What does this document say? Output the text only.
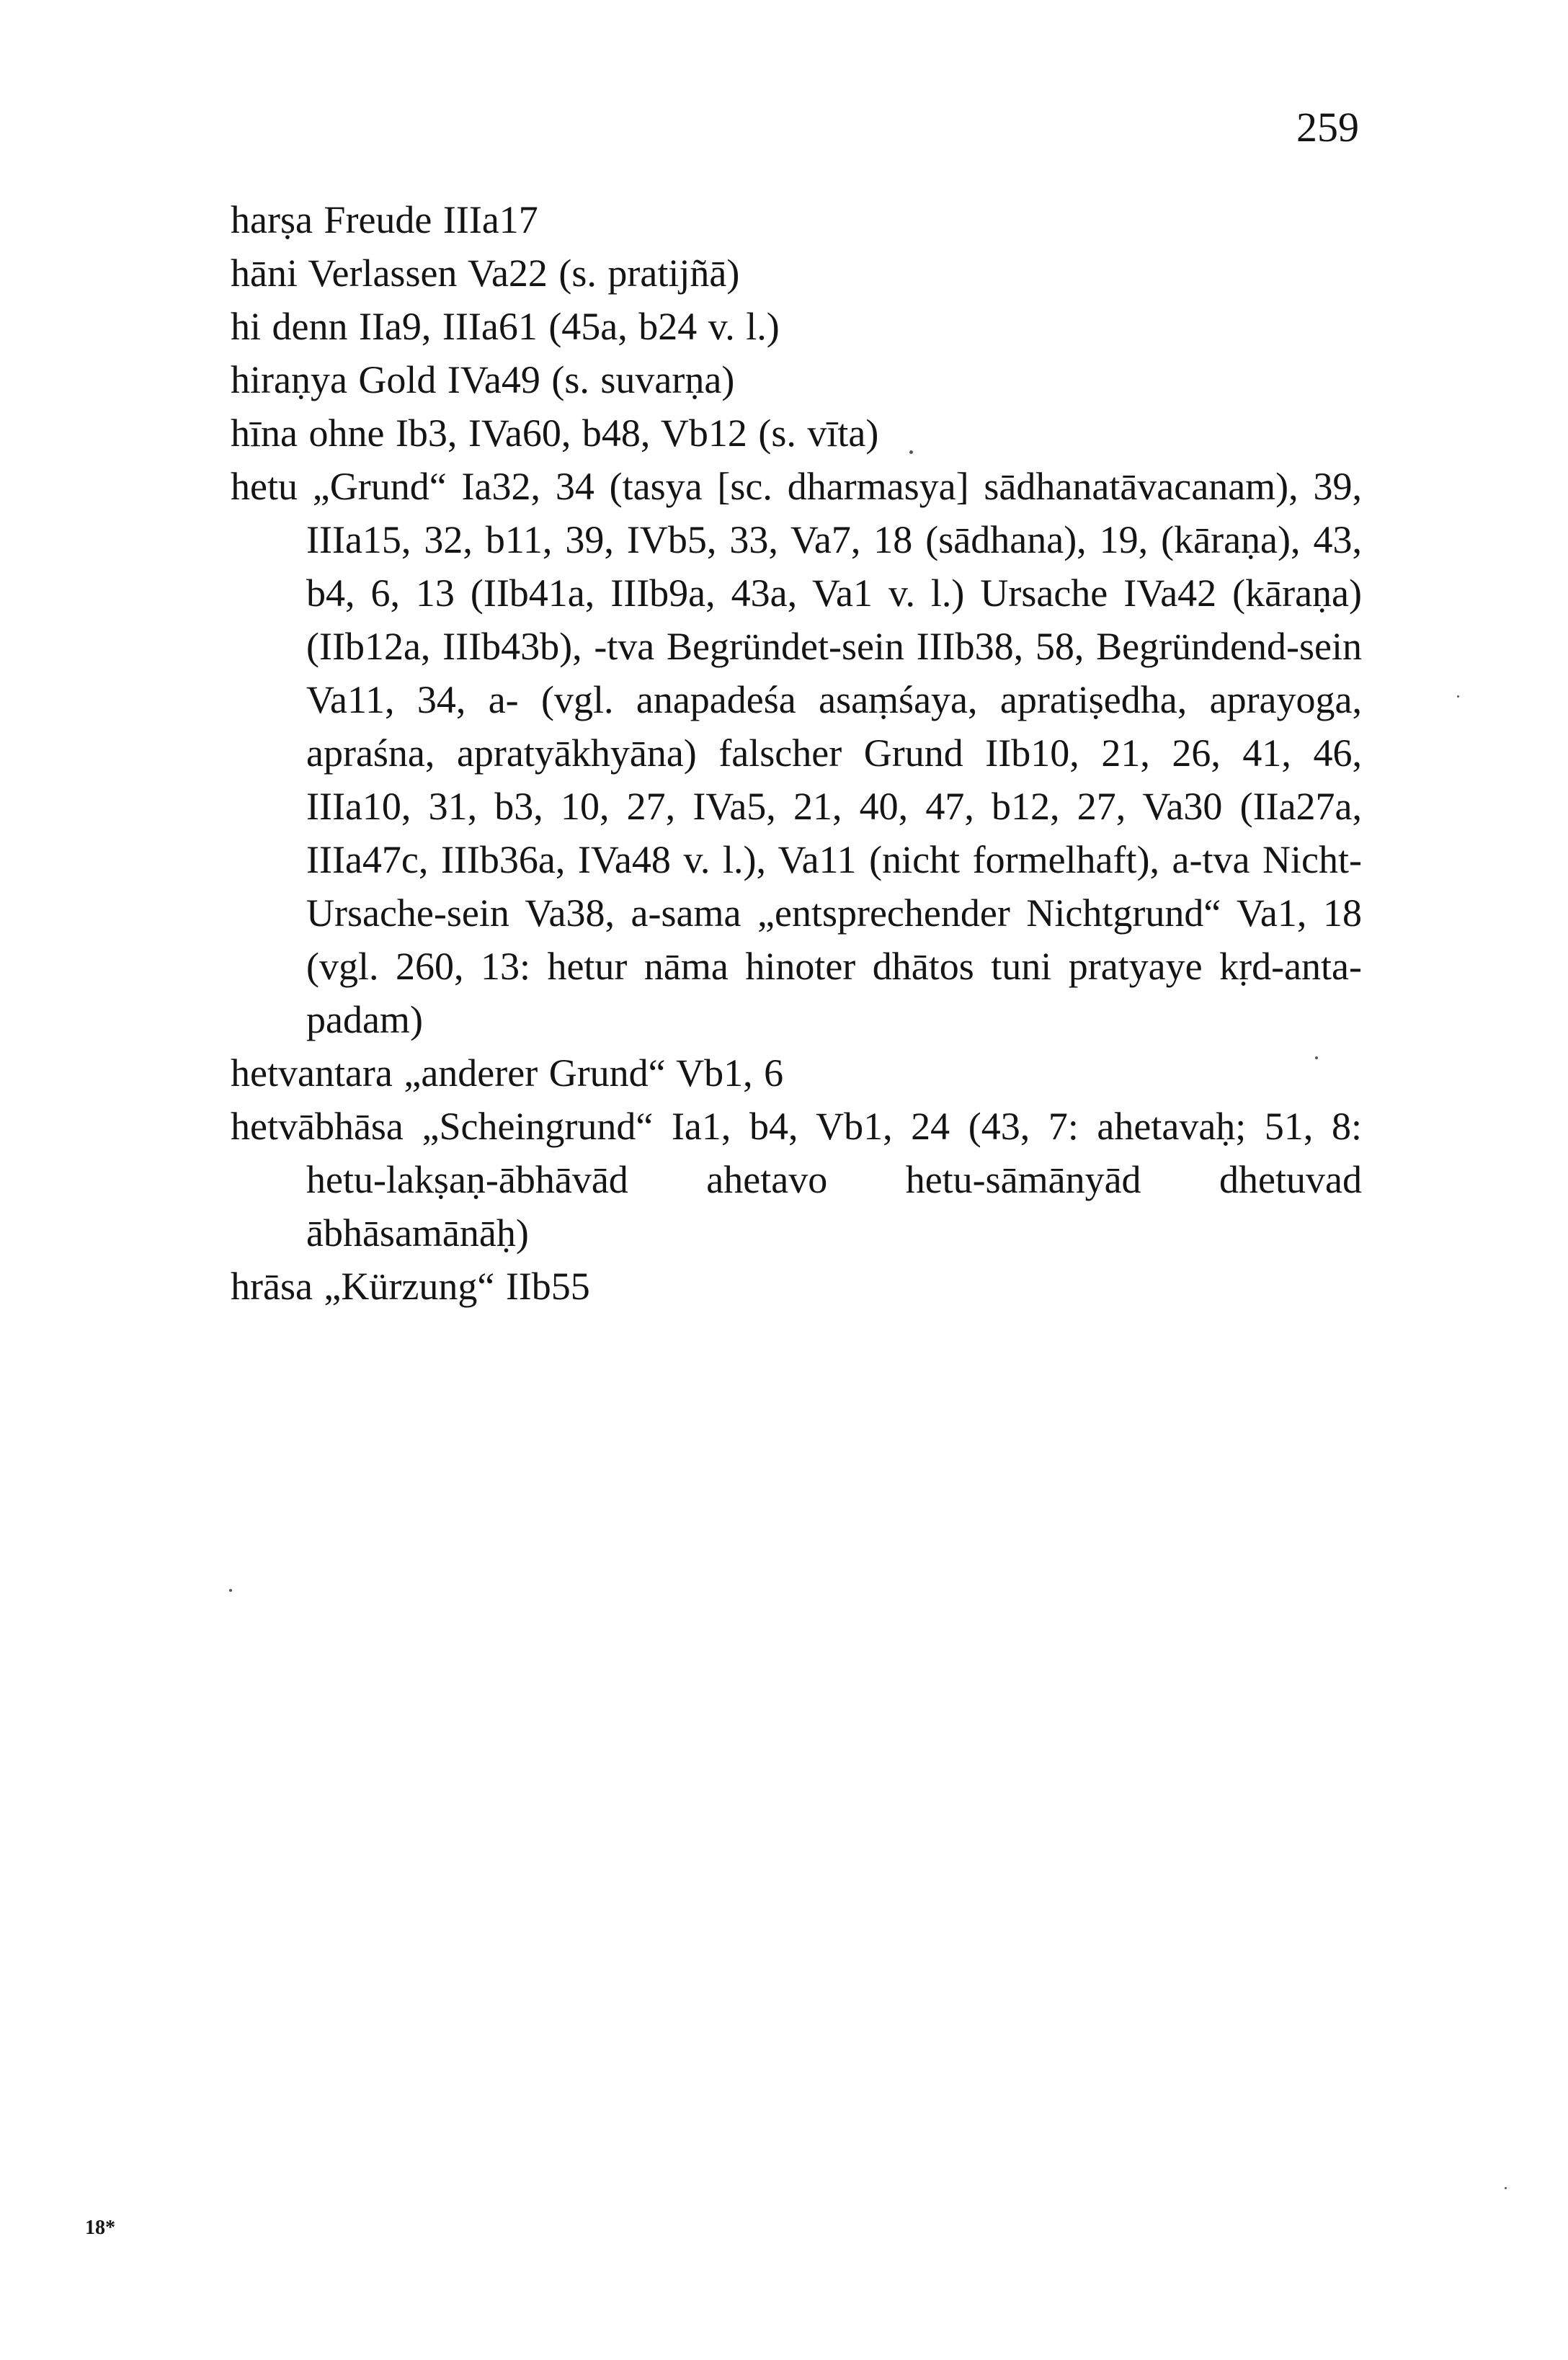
259

harṣa Freude IIIa17

hāni Verlassen Va22 (s. pratijñā)

hi denn IIa9, IIIa61 (45a, b24 v. l.)

hiraṇya Gold IVa49 (s. suvarṇa)

hīna ohne Ib3, IVa60, b48, Vb12 (s. vīta)

hetu „Grund“ Ia32, 34 (tasya [sc. dharmasya] sādhanatāvacanam), 39, IIIa15, 32, b11, 39, IVb5, 33, Va7, 18 (sādhana), 19, (kāraṇa), 43, b4, 6, 13 (IIb41a, IIIb9a, 43a, Va1 v. l.) Ursache IVa42 (kāraṇa) (IIb12a, IIIb43b), -tva Begründet-sein IIIb38, 58, Begründend-sein Va11, 34, a- (vgl. anapadeśa asaṃśaya, apratiṣedha, aprayoga, apraśna, apratyākhyāna) falscher Grund IIb10, 21, 26, 41, 46, IIIa10, 31, b3, 10, 27, IVa5, 21, 40, 47, b12, 27, Va30 (IIa27a, IIIa47c, IIIb36a, IVa48 v. l.), Va11 (nicht formelhaft), a-tva Nicht-Ursache-sein Va38, a-sama „entsprechender Nichtgrund“ Va1, 18 (vgl. 260, 13: hetur nāma hinoter dhātos tuni pratyaye kṛd-anta-padam)

hetvantara „anderer Grund“ Vb1, 6

hetvābhāsa „Scheingrund“ Ia1, b4, Vb1, 24 (43, 7: ahetavaḥ; 51, 8: hetu-lakṣaṇ-ābhāvād ahetavo hetu-sāmānyād dhetuvad ābhāsamānāḥ)

hrāsa „Kürzung“ IIb55

18*
